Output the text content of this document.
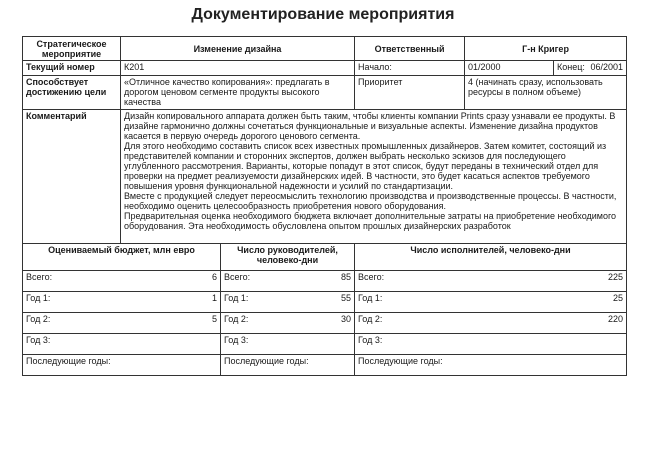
Документирование мероприятия
Стратегическое мероприятие	Изменение дизайна			Ответственный	Г-н Кригер	
Текущий номер	К201			Начало:	01/2000	Конец: 06/2001

Способствует достижению цели	«Отличное качество копирования»: предлагать в дорогом ценовом сегменте продукты высокого качества			Приоритет	4 (начинать сразу, использовать ресурсы в полном объеме)	
Комментарий	Дизайн копировального аппарата должен быть таким, чтобы клиенты компании Prints сразу узнавали ее продукты. В дизайне гармонично должны сочетаться функциональные и визуальные аспекты. Изменение дизайна продуктов касается в первую очередь дорогого ценового сегмента.

Для этого необходимо составить список всех известных промышленных дизайнеров. Затем комитет, состоящий из представителей компании и сторонних экспертов, должен выбрать несколько эскизов для последующего углубленного рассмотрения. Варианты, которые попадут в этот список, будут переданы в технический отдел для проверки на предмет реализуемости дизайнерских идей. В частности, это будет касаться аспектов требуемого повышения уровня функциональной надежности и усилий по стандартизации.

Вместе с продукцией следует переосмыслить технологию производства и производственные процессы. В частности, необходимо оценить целесообразность приобретения нового оборудования.

Предварительная оценка необходимого бюджета включает дополнительные затраты на приобретение необходимого оборудования. Эта необходимость обусловлена опытом прошлых дизайнерских разработок					

Оцениваемый бюджет, млн евро		Число руководителей, человеко-дни		Число исполнителей, человеко-дни		
Всего:	6	Всего:	85	Всего:	225	
Год 1:	1	Год 1:	55	Год 1:	25	
Год 2:	5	Год 2:	30	Год 2:	220	
Год 3:		Год 3:		Год 3:		
Последующие годы:		Последующие годы:		Последующие годы:		
